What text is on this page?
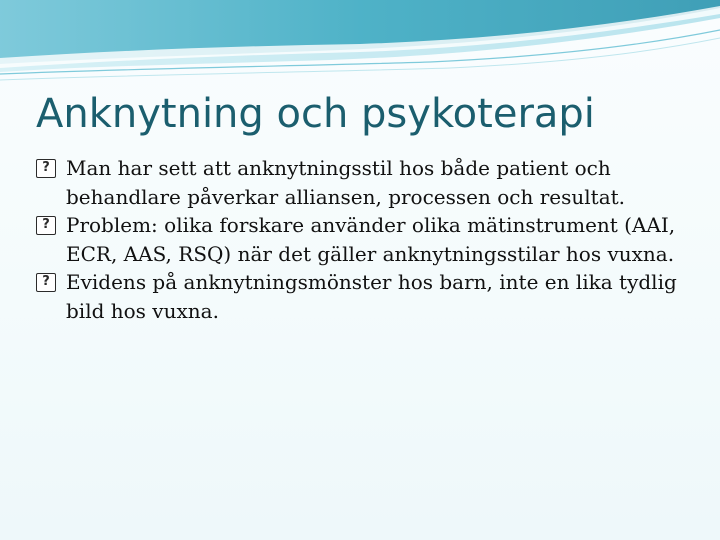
Anknytning och psykoterapi
? Man har sett att anknytningsstil hos både patient och behandlare påverkar alliansen, processen och resultat.
? Problem: olika forskare använder olika mätinstrument (AAI, ECR, AAS, RSQ) när det gäller anknytningsstilar hos vuxna.
? Evidens på anknytningsmönster hos barn, inte en lika tydlig bild hos vuxna.
